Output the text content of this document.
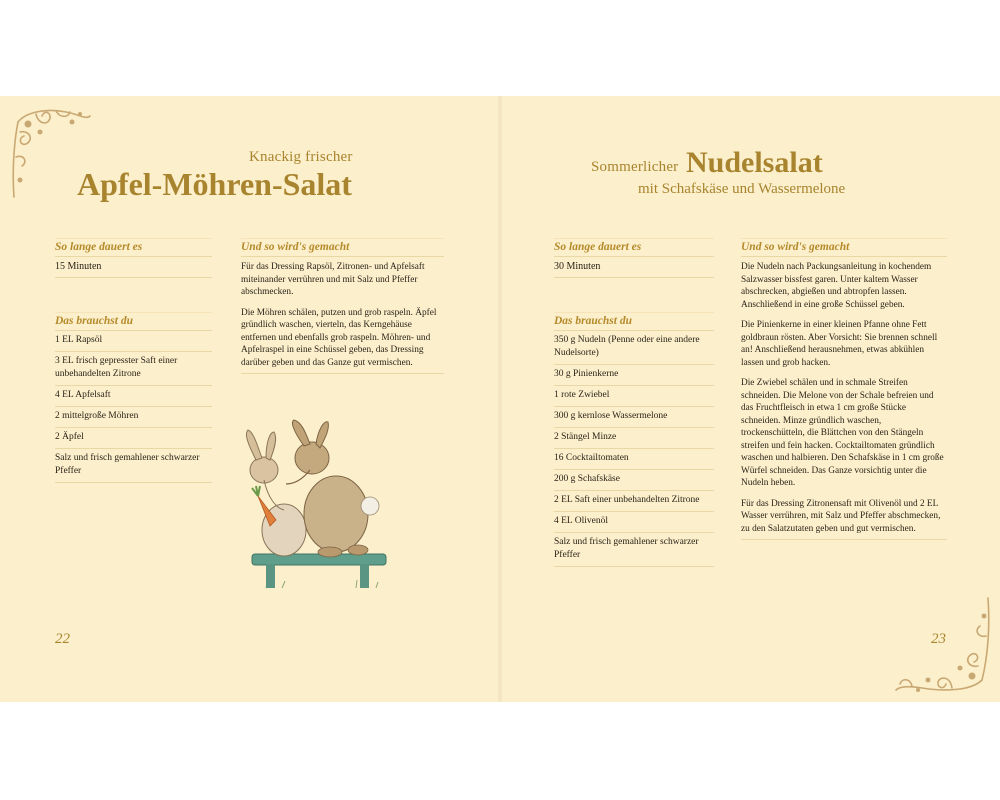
Knackig frischer
Apfel-Möhren-Salat
So lange dauert es
15 Minuten
Das brauchst du
1 EL Rapsöl
3 EL frisch gepresster Saft einer unbehandelten Zitrone
4 EL Apfelsaft
2 mittelgroße Möhren
2 Äpfel
Salz und frisch gemahlener schwarzer Pfeffer
Und so wird's gemacht

Für das Dressing Rapsöl, Zitronen- und Apfelsaft miteinander verrühren und mit Salz und Pfeffer abschmecken.

Die Möhren schälen, putzen und grob raspeln. Äpfel gründlich waschen, vierteln, das Kerngehäuse entfernen und ebenfalls grob raspeln. Möhren- und Apfelraspel in eine Schüssel geben, das Dressing darüber geben und das Ganze gut vermischen.

22
Sommerlicher Nudelsalat
mit Schafskäse und Wassermelone
So lange dauert es
30 Minuten
Das brauchst du
350 g Nudeln (Penne oder eine andere Nudelsorte)
30 g Pinienkerne
1 rote Zwiebel
300 g kernlose Wassermelone
2 Stängel Minze
16 Cocktailtomaten
200 g Schafskäse
2 EL Saft einer unbehandelten Zitrone
4 EL Olivenöl
Salz und frisch gemahlener schwarzer Pfeffer
Und so wird's gemacht

Die Nudeln nach Packungsanleitung in kochendem Salzwasser bissfest garen. Unter kaltem Wasser abschrecken, abgießen und abtropfen lassen. Anschließend in eine große Schüssel geben.

Die Pinienkerne in einer kleinen Pfanne ohne Fett goldbraun rösten. Aber Vorsicht: Sie brennen schnell an! Anschließend herausnehmen, etwas abkühlen lassen und grob hacken.

Die Zwiebel schälen und in schmale Streifen schneiden. Die Melone von der Schale befreien und das Fruchtfleisch in etwa 1 cm große Stücke schneiden. Minze gründlich waschen, trockenschütteln, die Blättchen von den Stängeln streifen und fein hacken. Cocktailtomaten gründlich waschen und halbieren. Den Schafskäse in 1 cm große Würfel schneiden. Das Ganze vorsichtig unter die Nudeln heben.

Für das Dressing Zitronensaft mit Olivenöl und 2 EL Wasser verrühren, mit Salz und Pfeffer abschmecken, zu den Salatzutaten geben und gut vermischen.

23
